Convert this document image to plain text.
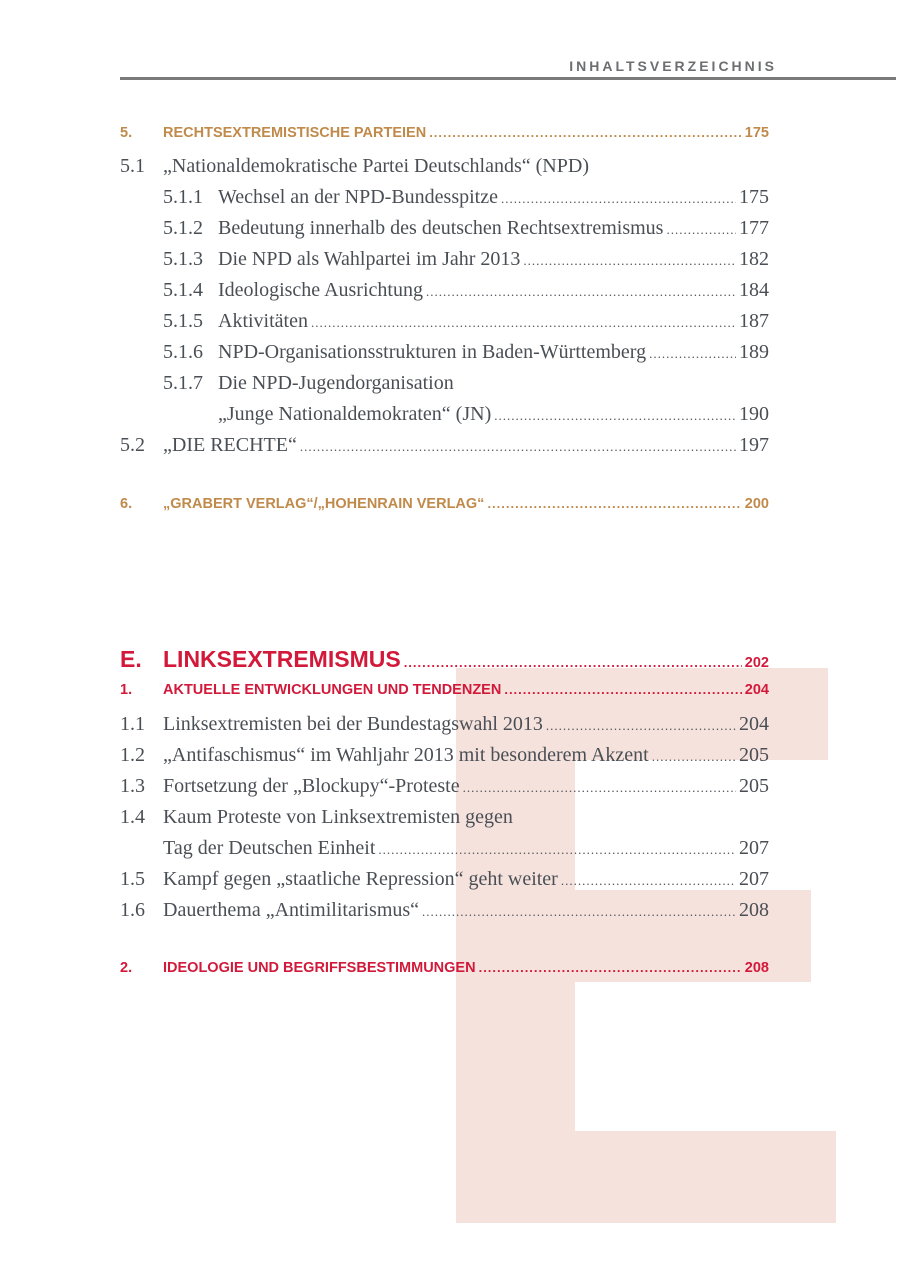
INHALTSVERZEICHNIS
5.	RECHTSEXTREMISTISCHE PARTEIEN .....	175
5.1 „Nationaldemokratische Partei Deutschlands“ (NPD)
5.1.1 Wechsel an der NPD-Bundesspitze .....	175
5.1.2 Bedeutung innerhalb des deutschen Rechtsextremismus .....	177
5.1.3 Die NPD als Wahlpartei im Jahr 2013 .....	182
5.1.4 Ideologische Ausrichtung .....	184
5.1.5 Aktivitäten .....	187
5.1.6 NPD-Organisationsstrukturen in Baden-Württemberg .....	189
5.1.7 Die NPD-Jugendorganisation
„Junge Nationaldemokraten“ (JN) .....	190
5.2 „DIE RECHTE“ .....	197
6.	„GRABERT VERLAG“/„HOHENRAIN VERLAG“ .....	200
E. LINKSEXTREMISMUS .....	202
1.	AKTUELLE ENTWICKLUNGEN UND TENDENZEN .....	204
1.1 Linksextremisten bei der Bundestagswahl 2013 .....	204
1.2 „Antifaschismus“ im Wahljahr 2013 mit besonderem Akzent .....	205
1.3 Fortsetzung der „Blockupy“-Proteste .....	205
1.4 Kaum Proteste von Linksextremisten gegen
Tag der Deutschen Einheit .....	207
1.5 Kampf gegen „staatliche Repression“ geht weiter .....	207
1.6 Dauerthema „Antimilitarismus“ .....	208
2.	IDEOLOGIE UND BEGRIFFSBESTIMMUNGEN .....	208
